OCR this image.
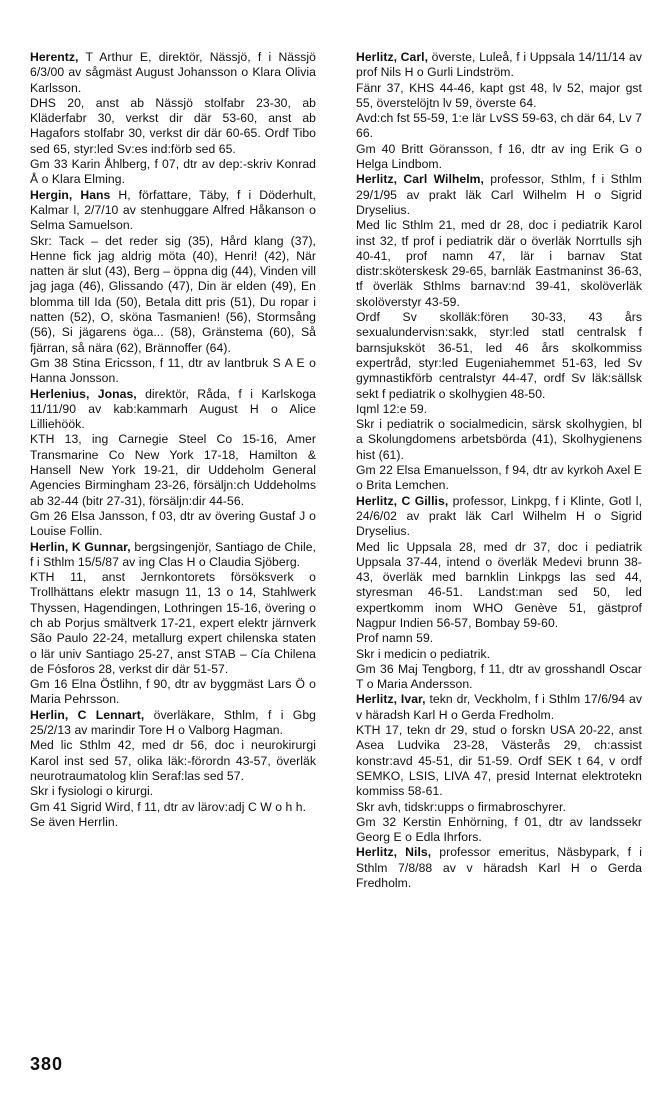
Herentz, T Arthur E, direktör, Nässjö, f i Nässjö 6/3/00 av sågmäst August Johansson o Klara Olivia Karlsson.

DHS 20, anst ab Nässjö stolfabr 23-30, ab Kläderfabr 30, verkst dir där 53-60, anst ab Hagafors stolfabr 30, verkst dir där 60-65. Ordf Tibo sed 65, styr:led Sv:es ind:förb sed 65.

Gm 33 Karin Åhlberg, f 07, dtr av dep:-skriv Konrad Å o Klara Elming.

Hergin, Hans H, författare, Täby, f i Döderhult, Kalmar l, 2/7/10 av stenhuggare Alfred Håkanson o Selma Samuelson.

Skr: Tack – det reder sig (35), Hård klang (37), Henne fick jag aldrig möta (40), Henri! (42), När natten är slut (43), Berg – öppna dig (44), Vinden vill jag jaga (46), Glissando (47), Din är elden (49), En blomma till Ida (50), Betala ditt pris (51), Du ropar i natten (52), O, sköna Tasmanien! (56), Stormsång (56), Si jägarens öga... (58), Gränstema (60), Så fjärran, så nära (62), Brännoffer (64).

Gm 38 Stina Ericsson, f 11, dtr av lantbruk S A E o Hanna Jonsson.

Herlenius, Jonas, direktör, Råda, f i Karlskoga 11/11/90 av kab:kammarh August H o Alice Lilliehöök.

KTH 13, ing Carnegie Steel Co 15-16, Amer Transmarine Co New York 17-18, Hamilton & Hansell New York 19-21, dir Uddeholm General Agencies Birmingham 23-26, försäljn:ch Uddeholms ab 32-44 (bitr 27-31), försäljn:dir 44-56.

Gm 26 Elsa Jansson, f 03, dtr av övering Gustaf J o Louise Follin.

Herlin, K Gunnar, bergsingenjör, Santiago de Chile, f i Sthlm 15/5/87 av ing Clas H o Claudia Sjöberg.

KTH 11, anst Jernkontorets försöksverk o Trollhättans elektr masugn 11, 13 o 14, Stahlwerk Thyssen, Hagendingen, Lothringen 15-16, övering o ch ab Porjus smältverk 17-21, expert elektr järnverk São Paulo 22-24, metallurg expert chilenska staten o lär univ Santiago 25-27, anst STAB – Cía Chilena de Fósforos 28, verkst dir där 51-57.

Gm 16 Elna Östlihn, f 90, dtr av byggmäst Lars Ö o Maria Pehrsson.

Herlin, C Lennart, överläkare, Sthlm, f i Gbg 25/2/13 av marindir Tore H o Valborg Hagman.

Med lic Sthlm 42, med dr 56, doc i neurokirurgi Karol inst sed 57, olika läk:-förordn 43-57, överläk neurotraumatolog klin Seraf:las sed 57.

Skr i fysiologi o kirurgi.

Gm 41 Sigrid Wird, f 11, dtr av lärov:adj C W o h h.

Se även Herrlin.

Herlitz, Carl, överste, Luleå, f i Uppsala 14/11/14 av prof Nils H o Gurli Lindström.

Fänr 37, KHS 44-46, kapt gst 48, lv 52, major gst 55, överstelöjtn lv 59, överste 64.

Avd:ch fst 55-59, 1:e lär LvSS 59-63, ch där 64, Lv 7 66.

Gm 40 Britt Göransson, f 16, dtr av ing Erik G o Helga Lindbom.

Herlitz, Carl Wilhelm, professor, Sthlm, f i Sthlm 29/1/95 av prakt läk Carl Wilhelm H o Sigrid Dryselius.

Med lic Sthlm 21, med dr 28, doc i pediatrik Karol inst 32, tf prof i pediatrik där o överläk Norrtulls sjh 40-41, prof namn 47, lär i barnav Stat distr:sköterskesk 29-65, barnläk Eastmaninst 36-63, tf överläk Sthlms barnav:nd 39-41, skolöverläk skolöverstyr 43-59.

Ordf Sv skolläk:fören 30-33, 43 års sexualundervisn:sakk, styr:led statl centralsk f barnsjuksköt 36-51, led 46 års skolkommiss expertråd, styr:led Eugeniahemmet 51-63, led Sv gymnastikförb centralstyr 44-47, ordf Sv läk:sällsk sekt f pediatrik o skolhygien 48-50.

Iqml 12:e 59.

Skr i pediatrik o socialmedicin, särsk skolhygien, bl a Skolungdomens arbetsbörda (41), Skolhygienens hist (61).

Gm 22 Elsa Emanuelsson, f 94, dtr av kyrkoh Axel E o Brita Lemchen.

Herlitz, C Gillis, professor, Linkpg, f i Klinte, Gotl l, 24/6/02 av prakt läk Carl Wilhelm H o Sigrid Dryselius.

Med lic Uppsala 28, med dr 37, doc i pediatrik Uppsala 37-44, intend o överläk Medevi brunn 38-43, överläk med barnklin Linkpgs las sed 44, styresman 46-51. Landst:man sed 50, led expertkomm inom WHO Genève 51, gästprof Nagpur Indien 56-57, Bombay 59-60.

Prof namn 59.

Skr i medicin o pediatrik.

Gm 36 Maj Tengborg, f 11, dtr av grosshandl Oscar T o Maria Andersson.

Herlitz, Ivar, tekn dr, Veckholm, f i Sthlm 17/6/94 av v häradsh Karl H o Gerda Fredholm.

KTH 17, tekn dr 29, stud o forskn USA 20-22, anst Asea Ludvika 23-28, Västerås 29, ch:assist konstr:avd 45-51, dir 51-59. Ordf SEK t 64, v ordf SEMKO, LSIS, LIVA 47, presid Internat elektrotekn kommiss 58-61.

Skr avh, tidskr:upps o firmabroschyrer.

Gm 32 Kerstin Enhörning, f 01, dtr av landssekr Georg E o Edla Ihrfors.

Herlitz, Nils, professor emeritus, Näsbypark, f i Sthlm 7/8/88 av v häradsh Karl H o Gerda Fredholm.

380
